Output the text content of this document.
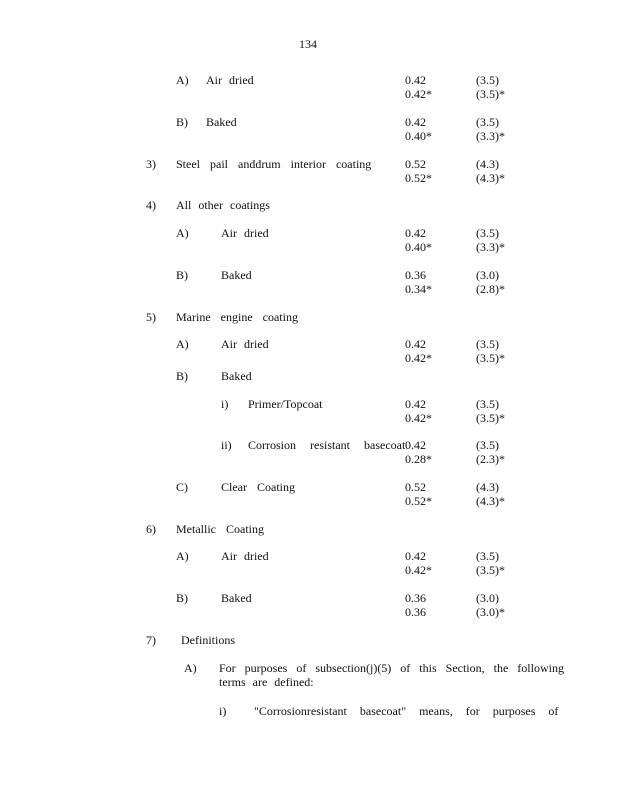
134
A) Air dried	0.42	(3.5)
0.42*	(3.5)*
B) Baked	0.42	(3.5)
0.40*	(3.3)*
3) Steel pail anddrum interior coating	0.52	(4.3)
0.52*	(4.3)*
4) All other coatings
A)	Air dried	0.42	(3.5)
0.40*	(3.3)*
B)	Baked	0.36	(3.0)
0.34*	(2.8)*
5) Marine engine coating
A)	Air dried	0.42	(3.5)
0.42*	(3.5)*
B)	Baked
i) Primer/Topcoat	0.42	(3.5)
0.42*	(3.5)*
ii) Corrosion resistant basecoat 0.42	(3.5)
0.28*	(2.3)*
C)	Clear Coating	0.52	(4.3)
0.52*	(4.3)*
6) Metallic Coating
A)	Air dried	0.42	(3.5)
0.42*	(3.5)*
B)	Baked	0.36	(3.0)
0.36	(3.0)*
7) Definitions
A) For purposes of subsection(j)(5) of this Section, the following
terms are defined:
i) "Corrosionresistant basecoat" means, for purposes of
